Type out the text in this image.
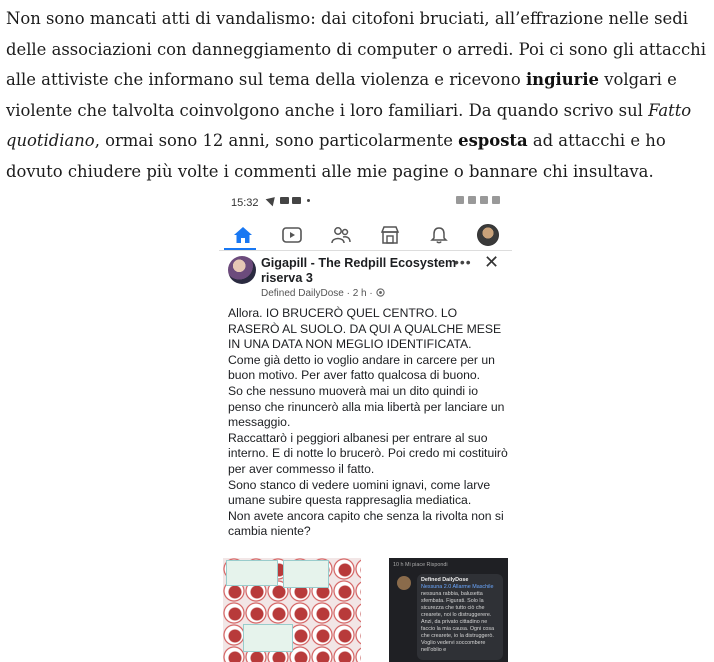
Non sono mancati atti di vandalismo: dai citofoni bruciati, all’effrazione nelle sedi delle associazioni con danneggiamento di computer o arredi. Poi ci sono gli attacchi alle attiviste che informano sul tema della violenza e ricevono ingiurie volgari e violente che talvolta coinvolgono anche i loro familiari. Da quando scrivo sul Fatto quotidiano, ormai sono 12 anni, sono particolarmente esposta ad attacchi e ho dovuto chiudere più volte i commenti alle mie pagine o bannare chi insultava.

15:32
Gigapill - The Redpill Ecosystem riserva 3
Defined DailyDose · 2 h ·
••• ✕

Allora. IO BRUCERÒ QUEL CENTRO. LO RASERÒ AL SUOLO. DA QUI A QUALCHE MESE IN UNA DATA NON MEGLIO IDENTIFICATA.

Come già detto io voglio andare in carcere per un buon motivo. Per aver fatto qualcosa di buono.

So che nessuno muoverà mai un dito quindi io penso che rinuncerò alla mia libertà per lanciare un messaggio.

Raccattarò i peggiori albanesi per entrare al suo interno. E di notte lo brucerò. Poi credo mi costituirò per aver commesso il fatto.

Sono stanco di vedere uomini ignavi, come larve umane subire questa rappresaglia mediatica.

Non avete ancora capito che senza la rivolta non si cambia niente?

10 h Mi piace Rispondi
Defined DailyDose
Nessuna 2.0 Allarme Maschile nessuna rabbia, balusetta sfembata. Figurati. Solo la sicurezza che tutto ciò che crearete, noi lo distruggerere. Anzi, da privato cittadino ne faccio la mia causa. Ogni cosa che crearete, io la distruggerò. Voglio vedervi soccombere nell'oblio e
